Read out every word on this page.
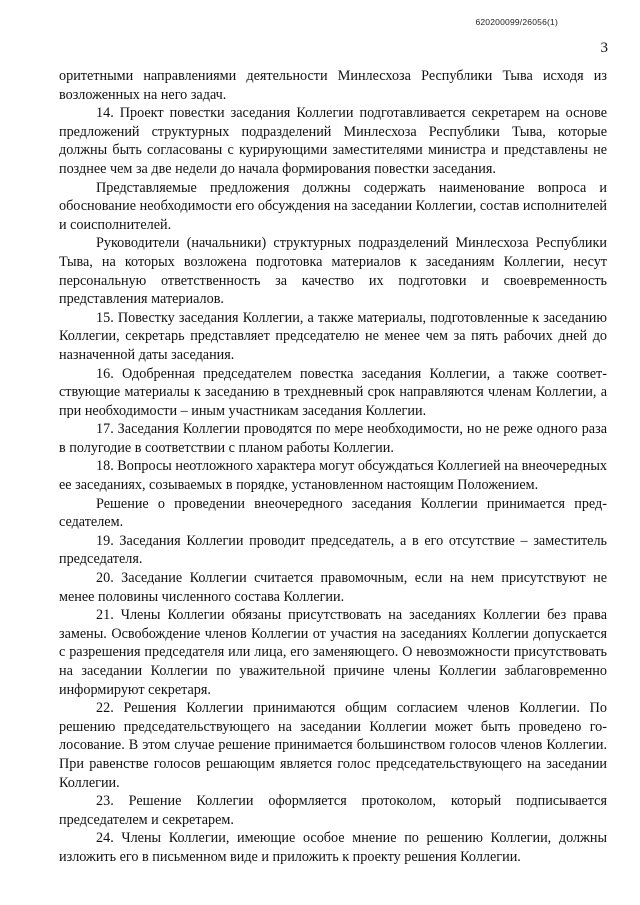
620200099/26056(1)
3

оритетными направлениями деятельности Минлесхоза Республики Тыва исходя из возложенных на него задач.

14. Проект повестки заседания Коллегии подготавливается секретарем на основе предложений структурных подразделений Минлесхоза Республики Тыва, которые должны быть согласованы с курирующими заместителями министра и представлены не позднее чем за две недели до начала формирования повестки заседания.

Представляемые предложения должны содержать наименование вопроса и обоснование необходимости его обсуждения на заседании Коллегии, состав исполнителей и соисполнителей.

Руководители (начальники) структурных подразделений Минлесхоза Республики Тыва, на которых возложена подготовка материалов к заседаниям Коллегии, несут персональную ответственность за качество их подготовки и своевременность представления материалов.

15. Повестку заседания Коллегии, а также материалы, подготовленные к заседанию Коллегии, секретарь представляет председателю не менее чем за пять рабочих дней до назначенной даты заседания.

16. Одобренная председателем повестка заседания Коллегии, а также соответствующие материалы к заседанию в трехдневный срок направляются членам Коллегии, а при необходимости – иным участникам заседания Коллегии.

17. Заседания Коллегии проводятся по мере необходимости, но не реже одного раза в полугодие в соответствии с планом работы Коллегии.

18. Вопросы неотложного характера могут обсуждаться Коллегией на внеочередных ее заседаниях, созываемых в порядке, установленном настоящим Положением.

Решение о проведении внеочередного заседания Коллегии принимается председателем.

19. Заседания Коллегии проводит председатель, а в его отсутствие – заместитель председателя.

20. Заседание Коллегии считается правомочным, если на нем присутствуют не менее половины численного состава Коллегии.

21. Члены Коллегии обязаны присутствовать на заседаниях Коллегии без права замены. Освобождение членов Коллегии от участия на заседаниях Коллегии допускается с разрешения председателя или лица, его заменяющего. О невозможности присутствовать на заседании Коллегии по уважительной причине члены Коллегии заблаговременно информируют секретаря.

22. Решения Коллегии принимаются общим согласием членов Коллегии. По решению председательствующего на заседании Коллегии может быть проведено голосование. В этом случае решение принимается большинством голосов членов Коллегии. При равенстве голосов решающим является голос председательствующего на заседании Коллегии.

23. Решение Коллегии оформляется протоколом, который подписывается председателем и секретарем.

24. Члены Коллегии, имеющие особое мнение по решению Коллегии, должны изложить его в письменном виде и приложить к проекту решения Коллегии.
